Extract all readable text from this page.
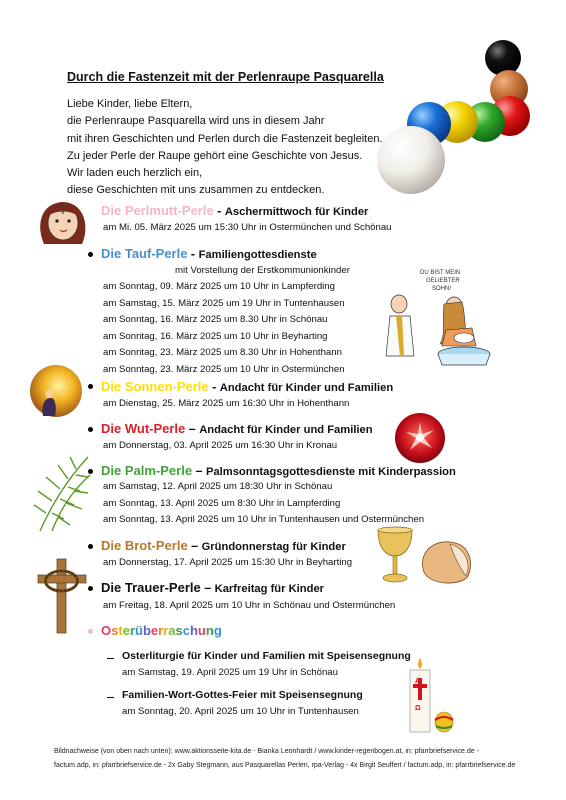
Durch die Fastenzeit mit der Perlenraupe Pasquarella
Liebe Kinder, liebe Eltern,
die Perlenraupe Pasquarella wird uns in diesem Jahr
mit ihren Geschichten und Perlen durch die Fastenzeit begleiten.
Zu jeder Perle der Raupe gehört eine Geschichte von Jesus.
Wir laden euch herzlich ein,
diese Geschichten mit uns zusammen zu entdecken.
Die Perlmutt-Perle - Aschermittwoch für Kinder
am Mi. 05. März 2025 um 15:30 Uhr in Ostermünchen und Schönau
Die Tauf-Perle - Familiengottesdienste
mit Vorstellung der Erstkommunionkinder
am Sonntag, 09. März 2025 um 10 Uhr in Lampferding
am Samstag, 15. März 2025 um 19 Uhr in Tuntenhausen
am Sonntag, 16. März 2025 um 8.30 Uhr in Schönau
am Sonntag, 16. März 2025 um 10 Uhr in Beyharting
am Sonntag, 23. März 2025 um 8.30 Uhr in Hohenthann
am Sonntag, 23. März 2025 um 10 Uhr in Ostermünchen
DU BIST MEIN
GELIEBTER
SOHN!
Die Sonnen-Perle - Andacht für Kinder und Familien
am Dienstag, 25. März 2025 um 16:30 Uhr in Hohenthann
Die Wut-Perle – Andacht für Kinder und Familien
am Donnerstag, 03. April 2025 um 16:30 Uhr in Kronau
Die Palm-Perle – Palmsonntagsgottesdienste mit Kinderpassion
am Samstag, 12. April 2025 um 18:30 Uhr in Schönau
am Sonntag, 13. April 2025 um 8:30 Uhr in Lampferding
am Sonntag, 13. April 2025 um 10 Uhr in Tuntenhausen und Ostermünchen
Die Brot-Perle – Gründonnerstag für Kinder
am Donnerstag, 17. April 2025 um 15:30 Uhr in Beyharting
Die Trauer-Perle – Karfreitag für Kinder
am Freitag, 18. April 2025 um 10 Uhr in Schönau und Ostermünchen
Osterüberraschung
Osterliturgie für Kinder und Familien mit Speisensegnung
am Samstag, 19. April 2025 um 19 Uhr in Schönau
Familien-Wort-Gottes-Feier mit Speisensegnung
am Sonntag, 20. April 2025 um 10 Uhr in Tuntenhausen
A
Ω
Bildnachweise (von oben nach unten): www.aktionsseite-kita.de - Bianka Leonhardt / www.kinder-regenbogen.at, in: pfarrbriefservice.de -
factum.adp, in: pfarrbriefservice.de - 2x Gaby Stegmann, aus Pasquarellas Perlen, rpa-Verlag - 4x Birgit Seuffert / factum.adp, in: pfarrbriefservice.de
